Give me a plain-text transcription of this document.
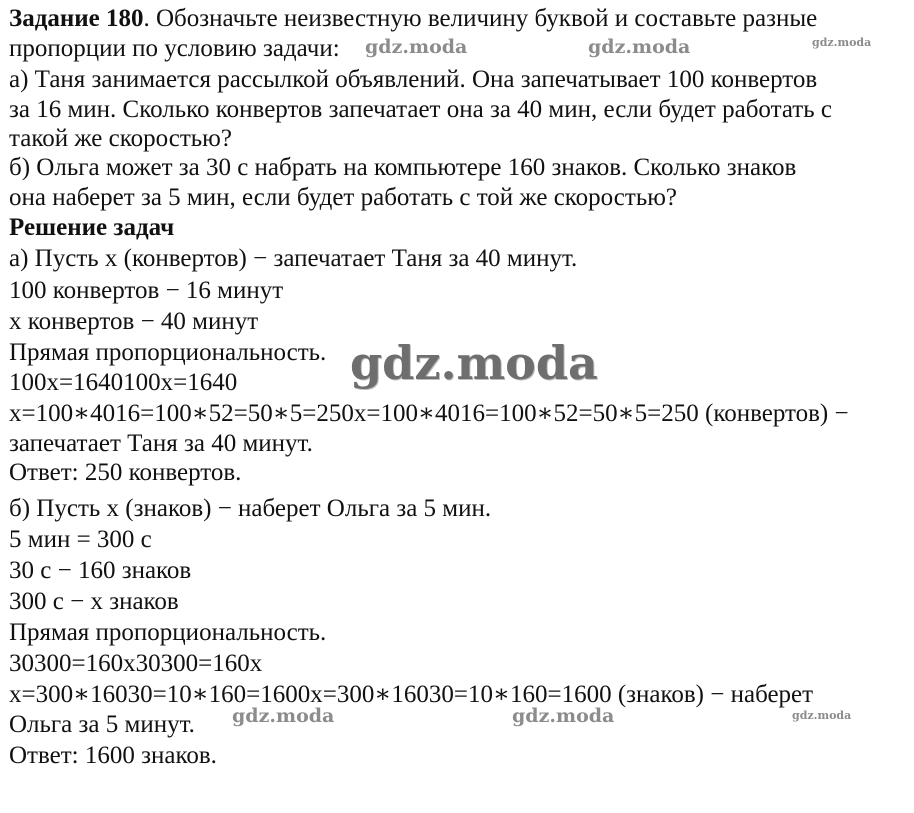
Задание 180. Обозначьте неизвестную величину буквой и составьте разные
пропорции по условию задачи:
а) Таня занимается рассылкой объявлений. Она запечатывает 100 конвертов
за 16 мин. Сколько конвертов запечатает она за 40 мин, если будет работать с
такой же скоростью?
б) Ольга может за 30 с набрать на компьютере 160 знаков. Сколько знаков
она наберет за 5 мин, если будет работать с той же скоростью?
Решение задач
а) Пусть х (конвертов) − запечатает Таня за 40 минут.
100 конвертов − 16 минут
х конвертов − 40 минут
Прямая пропорциональность.
100х=1640100х=1640
х=100∗4016=100∗52=50∗5=250х=100∗4016=100∗52=50∗5=250 (конвертов) −
запечатает Таня за 40 минут.
Ответ: 250 конвертов.
б) Пусть х (знаков) − наберет Ольга за 5 мин.
5 мин = 300 с
30 с − 160 знаков
300 с − х знаков
Прямая пропорциональность.
30300=160х30300=160х
х=300∗16030=10∗160=1600х=300∗16030=10∗160=1600 (знаков) − наберет
Ольга за 5 минут.
Ответ: 1600 знаков.
gdz.moda	gdz.moda	gdz.moda
gdz.moda
gdz.moda	gdz.moda	gdz.moda
